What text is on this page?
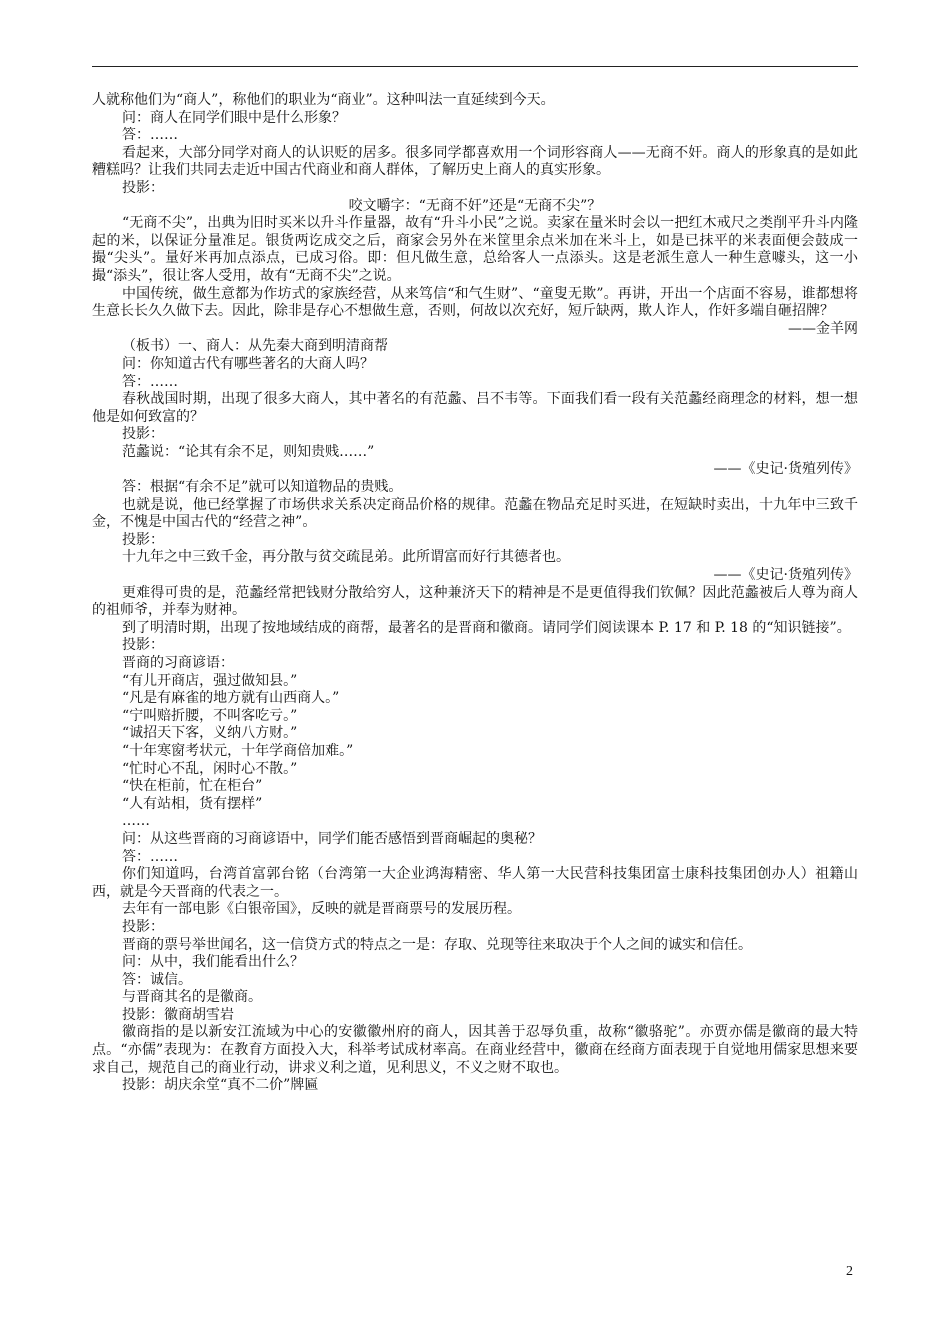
人就称他们为“商人”，称他们的职业为“商业”。这种叫法一直延续到今天。

问：商人在同学们眼中是什么形象？

答：……

看起来，大部分同学对商人的认识贬的居多。很多同学都喜欢用一个词形容商人——无商不奸。商人的形象真的是如此糟糕吗？让我们共同去走近中国古代商业和商人群体，了解历史上商人的真实形象。

投影：

咬文嚼字：“无商不奸”还是“无商不尖”？

“无商不尖”，出典为旧时买米以升斗作量器，故有“升斗小民”之说。卖家在量米时会以一把红木戒尺之类削平升斗内隆起的米，以保证分量准足。银货两讫成交之后，商家会另外在米筐里余点米加在米斗上，如是已抹平的米表面便会鼓成一撮“尖头”。量好米再加点添点，已成习俗。即：但凡做生意，总给客人一点添头。这是老派生意人一种生意噱头，这一小撮“添头”，很让客人受用，故有“无商不尖”之说。

中国传统，做生意都为作坊式的家族经营，从来笃信“和气生财”、“童叟无欺”。再讲，开出一个店面不容易，谁都想将生意长长久久做下去。因此，除非是存心不想做生意，否则，何故以次充好，短斤缺两，欺人诈人，作奸多端自砸招牌？

——金羊网

（板书）一、商人：从先秦大商到明清商帮

问：你知道古代有哪些著名的大商人吗？

答：……

春秋战国时期，出现了很多大商人，其中著名的有范蠡、吕不韦等。下面我们看一段有关范蠡经商理念的材料，想一想他是如何致富的？

投影：

范蠡说：“论其有余不足，则知贵贱……”

——《史记·货殖列传》

答：根据“有余不足”就可以知道物品的贵贱。

也就是说，他已经掌握了市场供求关系决定商品价格的规律。范蠡在物品充足时买进，在短缺时卖出，十九年中三致千金，不愧是中国古代的“经营之神”。

投影：

十九年之中三致千金，再分散与贫交疏昆弟。此所谓富而好行其德者也。

——《史记·货殖列传》

更难得可贵的是，范蠡经常把钱财分散给穷人，这种兼济天下的精神是不是更值得我们钦佩？因此范蠡被后人尊为商人的祖师爷，并奉为财神。

到了明清时期，出现了按地域结成的商帮，最著名的是晋商和徽商。请同学们阅读课本 P. 17 和 P. 18 的“知识链接”。

投影：

晋商的习商谚语：

“有儿开商店，强过做知县。”

“凡是有麻雀的地方就有山西商人。”

“宁叫赔折腰，不叫客吃亏。”

“诚招天下客，义纳八方财。”

“十年寒窗考状元，十年学商倍加难。”

“忙时心不乱，闲时心不散。”

“快在柜前，忙在柜台”

“人有站相，货有摆样”

……

问：从这些晋商的习商谚语中，同学们能否感悟到晋商崛起的奥秘？

答：……

你们知道吗，台湾首富郭台铭（台湾第一大企业鸿海精密、华人第一大民营科技集团富士康科技集团创办人）祖籍山西，就是今天晋商的代表之一。

去年有一部电影《白银帝国》，反映的就是晋商票号的发展历程。

投影：

晋商的票号举世闻名，这一信贷方式的特点之一是：存取、兑现等往来取决于个人之间的诚实和信任。

问：从中，我们能看出什么？

答：诚信。

与晋商其名的是徽商。

投影：徽商胡雪岩

徽商指的是以新安江流域为中心的安徽徽州府的商人，因其善于忍辱负重，故称“徽骆驼”。亦贾亦儒是徽商的最大特点。“亦儒”表现为：在教育方面投入大，科举考试成材率高。在商业经营中，徽商在经商方面表现于自觉地用儒家思想来要求自己，规范自己的商业行动，讲求义利之道，见利思义，不义之财不取也。

投影：胡庆余堂“真不二价”牌匾

2
